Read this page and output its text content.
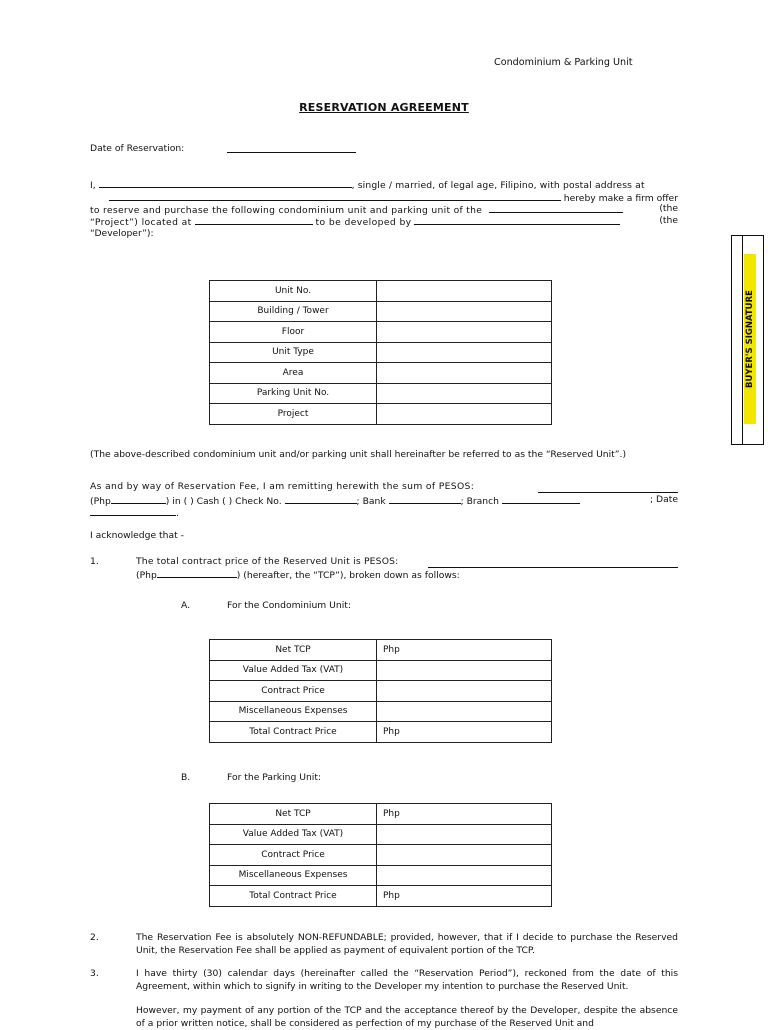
Condominium & Parking Unit
RESERVATION AGREEMENT
Date of Reservation:
I,	, single / married, of legal age, Filipino, with postal address at
hereby make a firm offer
to reserve and purchase the following condominium unit and parking unit of the	(the
“Project”) located at	to be developed by	(the
“Developer”):
Unit No.	
Building / Tower	
Floor	
Unit Type	
Area	
Parking Unit No.	
Project	
(The above-described condominium unit and/or parking unit shall hereinafter be referred to as the “Reserved Unit”.)
As and by way of Reservation Fee, I am remitting herewith the sum of PESOS:
(Php	) in ( ) Cash ( ) Check No.	; Bank	; Branch	; Date
.
I acknowledge that -
1.	The total contract price of the Reserved Unit is PESOS:
(Php	) (hereafter, the “TCP”), broken down as follows:
A.	For the Condominium Unit:
Net TCP	Php
Value Added Tax (VAT)	
Contract Price	
Miscellaneous Expenses	
Total Contract Price	Php
B.	For the Parking Unit:
Net TCP	Php
Value Added Tax (VAT)	
Contract Price	
Miscellaneous Expenses	
Total Contract Price	Php
2.	The Reservation Fee is absolutely NON-REFUNDABLE; provided, however, that if I decide to purchase the Reserved Unit, the Reservation Fee shall be applied as payment of equivalent portion of the TCP.
3.	I have thirty (30) calendar days (hereinafter called the “Reservation Period”), reckoned from the date of this Agreement, within which to signify in writing to the Developer my intention to purchase the Reserved Unit.
However, my payment of any portion of the TCP and the acceptance thereof by the Developer, despite the absence of a prior written notice, shall be considered as perfection of my purchase of the Reserved Unit and
BUYER'S SIGNATURE
